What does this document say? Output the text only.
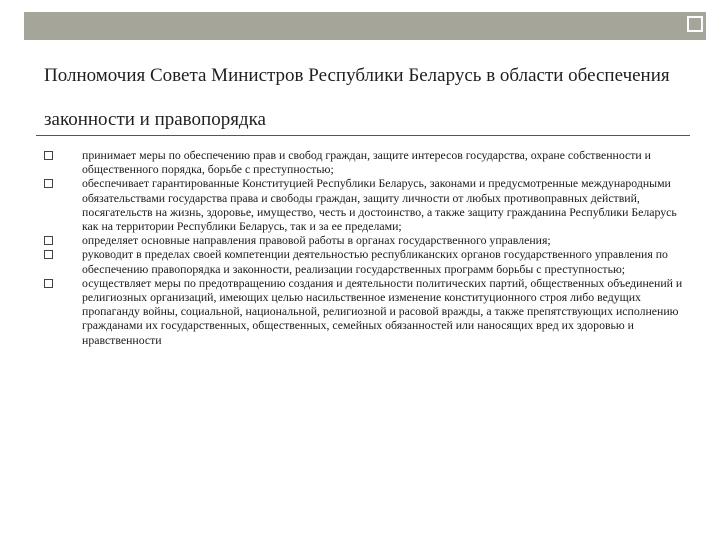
Полномочия Совета Министров Республики Беларусь в области обеспечения законности и правопорядка
принимает меры по обеспечению прав и свобод граждан, защите интересов государства, охране собственности и общественного порядка, борьбе с преступностью;
обеспечивает гарантированные Конституцией Республики Беларусь, законами и предусмотренные международными обязательствами государства права и свободы граждан, защиту личности от любых противоправных действий, посягательств на жизнь, здоровье, имущество, честь и достоинство, а также защиту гражданина Республики Беларусь как на территории Республики Беларусь, так и за ее пределами;
определяет основные направления правовой работы в органах государственного управления;
руководит в пределах своей компетенции деятельностью республиканских органов государственного управления по обеспечению правопорядка и законности, реализации государственных программ борьбы с преступностью;
осуществляет меры по предотвращению создания и деятельности политических партий, общественных объединений и религиозных организаций, имеющих целью насильственное изменение конституционного строя либо ведущих пропаганду войны, социальной, национальной, религиозной и расовой вражды, а также препятствующих исполнению гражданами их государственных, общественных, семейных обязанностей или наносящих вред их здоровью и нравственности
